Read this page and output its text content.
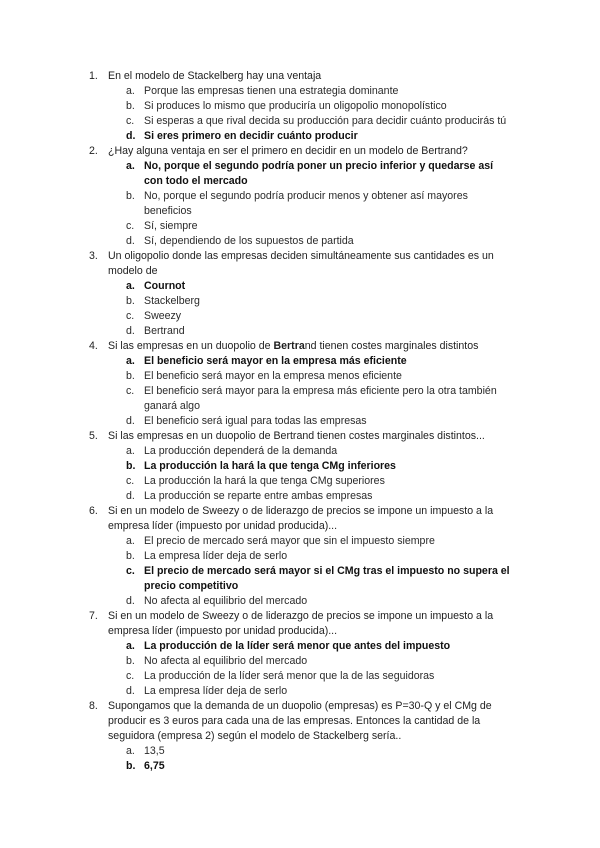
1. En el modelo de Stackelberg hay una ventaja
a. Porque las empresas tienen una estrategia dominante
b. Si produces lo mismo que produciría un oligopolio monopolístico
c. Si esperas a que rival decida su producción para decidir cuánto producirás tú
d. Si eres primero en decidir cuánto producir
2. ¿Hay alguna ventaja en ser el primero en decidir en un modelo de Bertrand?
a. No, porque el segundo podría poner un precio inferior y quedarse así con todo el mercado
b. No, porque el segundo podría producir menos y obtener así mayores beneficios
c. Sí, siempre
d. Sí, dependiendo de los supuestos de partida
3. Un oligopolio donde las empresas deciden simultáneamente sus cantidades es un modelo de
a. Cournot
b. Stackelberg
c. Sweezy
d. Bertrand
4. Si las empresas en un duopolio de Bertrand tienen costes marginales distintos
a. El beneficio será mayor en la empresa más eficiente
b. El beneficio será mayor en la empresa menos eficiente
c. El beneficio será mayor para la empresa más eficiente pero la otra también ganará algo
d. El beneficio será igual para todas las empresas
5. Si las empresas en un duopolio de Bertrand tienen costes marginales distintos...
a. La producción dependerá de la demanda
b. La producción la hará la que tenga CMg inferiores
c. La producción la hará la que tenga CMg superiores
d. La producción se reparte entre ambas empresas
6. Si en un modelo de Sweezy o de liderazgo de precios se impone un impuesto a la empresa líder (impuesto por unidad producida)...
a. El precio de mercado será mayor que sin el impuesto siempre
b. La empresa líder deja de serlo
c. El precio de mercado será mayor si el CMg tras el impuesto no supera el precio competitivo
d. No afecta al equilibrio del mercado
7. Si en un modelo de Sweezy o de liderazgo de precios se impone un impuesto a la empresa líder (impuesto por unidad producida)...
a. La producción de la líder será menor que antes del impuesto
b. No afecta al equilibrio del mercado
c. La producción de la líder será menor que la de las seguidoras
d. La empresa líder deja de serlo
8. Supongamos que la demanda de un duopolio (empresas) es P=30-Q y el CMg de producir es 3 euros para cada una de las empresas. Entonces la cantidad de la seguidora (empresa 2) según el modelo de Stackelberg sería..
a. 13,5
b. 6,75
